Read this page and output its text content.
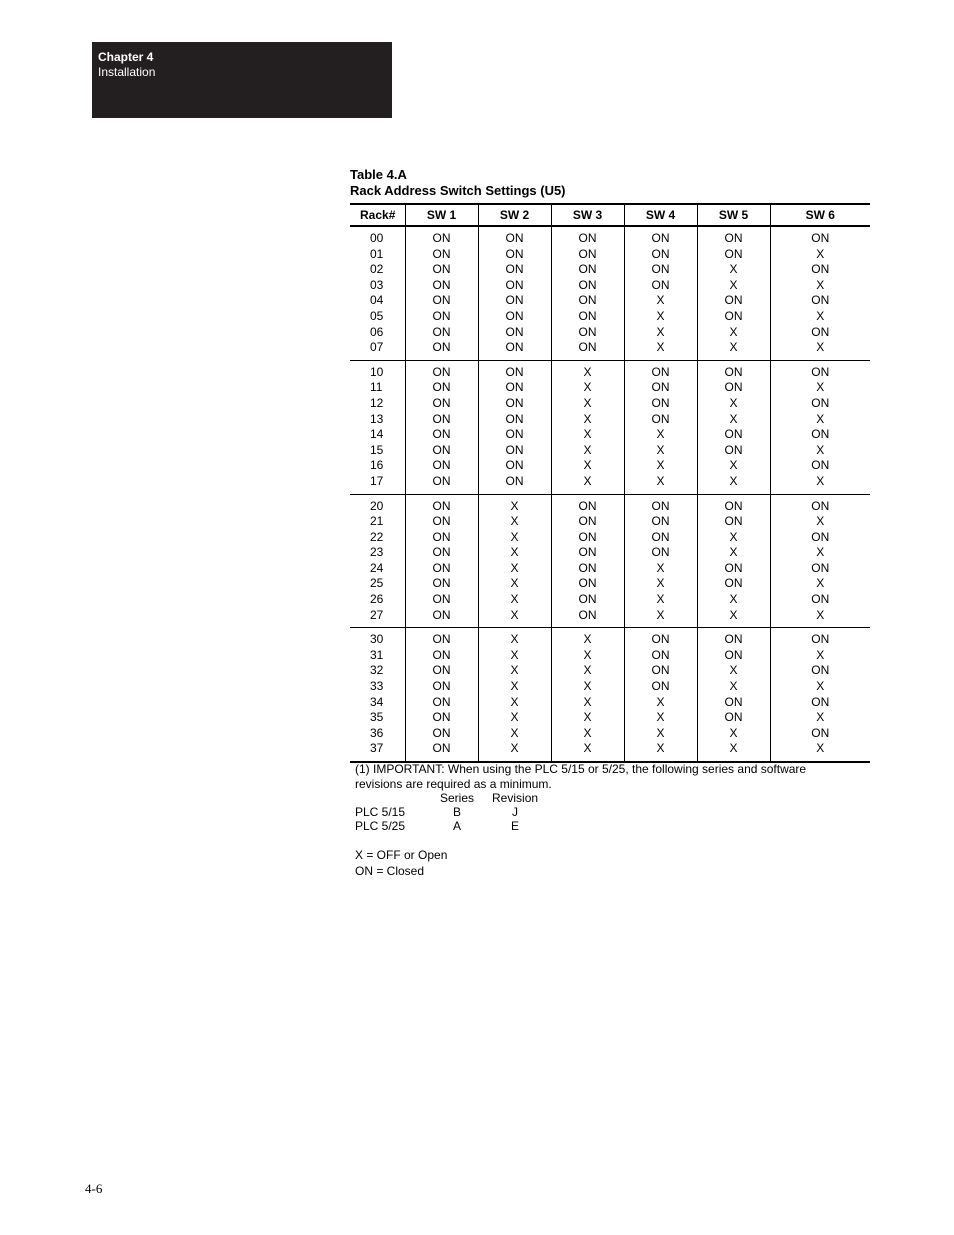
Chapter 4
Installation
Table 4.A
Rack Address Switch Settings (U5)
Rack#	SW 1	SW 2	SW 3	SW 4	SW 5	SW 6
00	ON	ON	ON	ON	ON	ON
01	ON	ON	ON	ON	ON	X
02	ON	ON	ON	ON	X	ON
03	ON	ON	ON	ON	X	X
04	ON	ON	ON	X	ON	ON
05	ON	ON	ON	X	ON	X
06	ON	ON	ON	X	X	ON
07	ON	ON	ON	X	X	X
10	ON	ON	X	ON	ON	ON
11	ON	ON	X	ON	ON	X
12	ON	ON	X	ON	X	ON
13	ON	ON	X	ON	X	X
14	ON	ON	X	X	ON	ON
15	ON	ON	X	X	ON	X
16	ON	ON	X	X	X	ON
17	ON	ON	X	X	X	X
20	ON	X	ON	ON	ON	ON
21	ON	X	ON	ON	ON	X
22	ON	X	ON	ON	X	ON
23	ON	X	ON	ON	X	X
24	ON	X	ON	X	ON	ON
25	ON	X	ON	X	ON	X
26	ON	X	ON	X	X	ON
27	ON	X	ON	X	X	X
30	ON	X	X	ON	ON	ON
31	ON	X	X	ON	ON	X
32	ON	X	X	ON	X	ON
33	ON	X	X	ON	X	X
34	ON	X	X	X	ON	ON
35	ON	X	X	X	ON	X
36	ON	X	X	X	X	ON
37	ON	X	X	X	X	X

(1) IMPORTANT: When using the PLC 5/15 or 5/25, the following series and software revisions are required as a minimum.

	Series		Revision
PLC 5/15	B		J
PLC 5/25	A		E

X = OFF or Open

ON = Closed

4-6
